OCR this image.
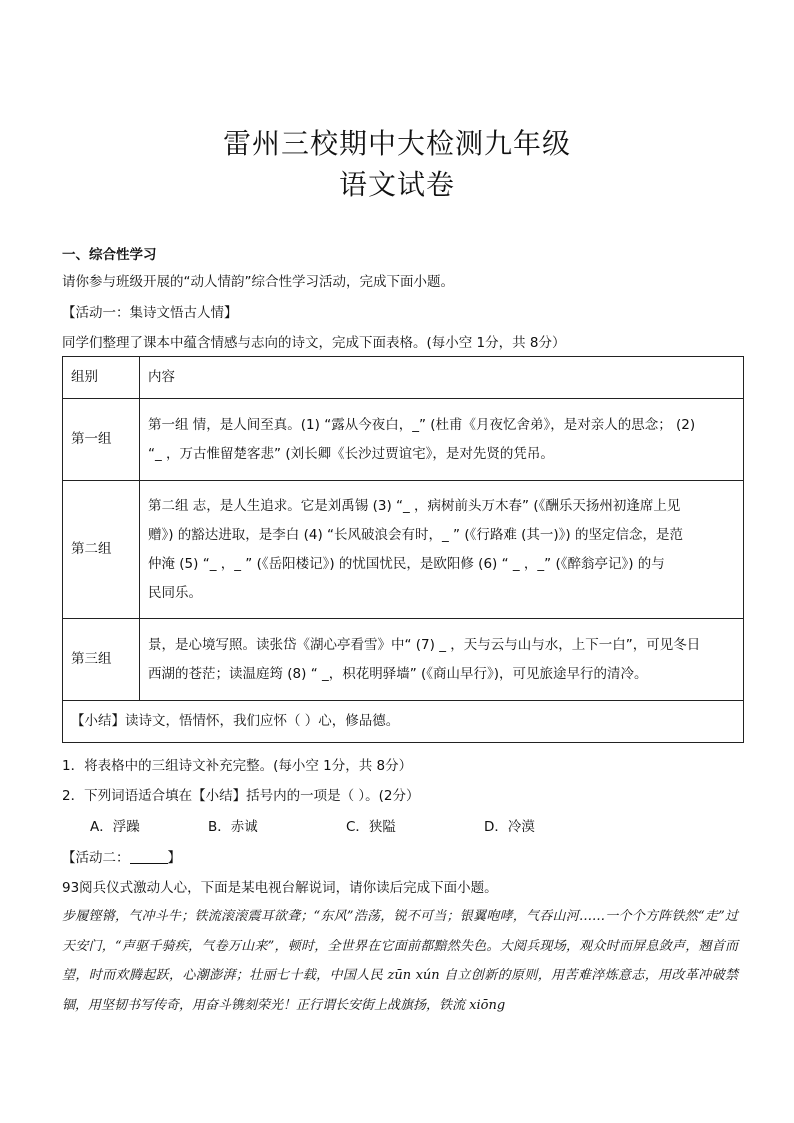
雷州三校期中大检测九年级
语文试卷
一、综合性学习
请你参与班级开展的“动人情韵”综合性学习活动，完成下面小题。
【活动一：集诗文悟古人情】
同学们整理了课本中蕴含情感与志向的诗文，完成下面表格。(每小空 1分，共 8分）
组别	内容
第一组	第一组 情，是人间至真。(1) “露从今夜白，_” (杜甫《月夜忆舍弟》，是对亲人的思念； (2)
“_ ，万古惟留楚客悲” (刘长卿《长沙过贾谊宅》，是对先贤的凭吊。

第二组	第二组 志，是人生追求。它是刘禹锡 (3) “_ ，病树前头万木春” (《酬乐天扬州初逢席上见
赠》) 的豁达进取，是李白 (4) “长风破浪会有时，_ ” (《行路难 (其一)》) 的坚定信念，是范
仲淹 (5) “_ ，_ ” (《岳阳楼记》) 的忧国忧民，是欧阳修 (6) “ _ ，_” (《醉翁亭记》) 的与
民同乐。

第三组	景，是心境写照。读张岱《湖心亭看雪》中“ (7) _ ，天与云与山与水，上下一白”，可见冬日
西湖的苍茫；读温庭筠 (8) “ _，枳花明驿墙” (《商山早行》)，可见旅途早行的清冷。

【小结】读诗文，悟情怀，我们应怀（ ）心，修品德。	
1．将表格中的三组诗文补充完整。(每小空 1分，共 8分）
2．下列词语适合填在【小结】括号内的一项是（ ）。(2分）
A．浮躁	B．赤诚	C．狭隘	D．冷漠
【活动二：	】
93阅兵仪式激动人心，下面是某电视台解说词，请你读后完成下面小题。
步履铿锵，气冲斗牛；铁流滚滚震耳欲聋；“东风”浩荡，锐不可当；银翼咆哮，气吞山河……一个个方阵铁然“走”过天安门，“声驱千骑疾，气卷万山来”，顿时，全世界在它面前都黯然失色。大阅兵现场，观众时而屏息敛声，翘首而望，时而欢腾起跃，心潮澎湃；壮丽七十载，中国人民 zūn xún 自立创新的原则，用苦难淬炼意志，用改革冲破禁锢，用坚韧书写传奇，用奋斗镌刻荣光！正行谓长安街上战旗扬，铁流 xiōng
